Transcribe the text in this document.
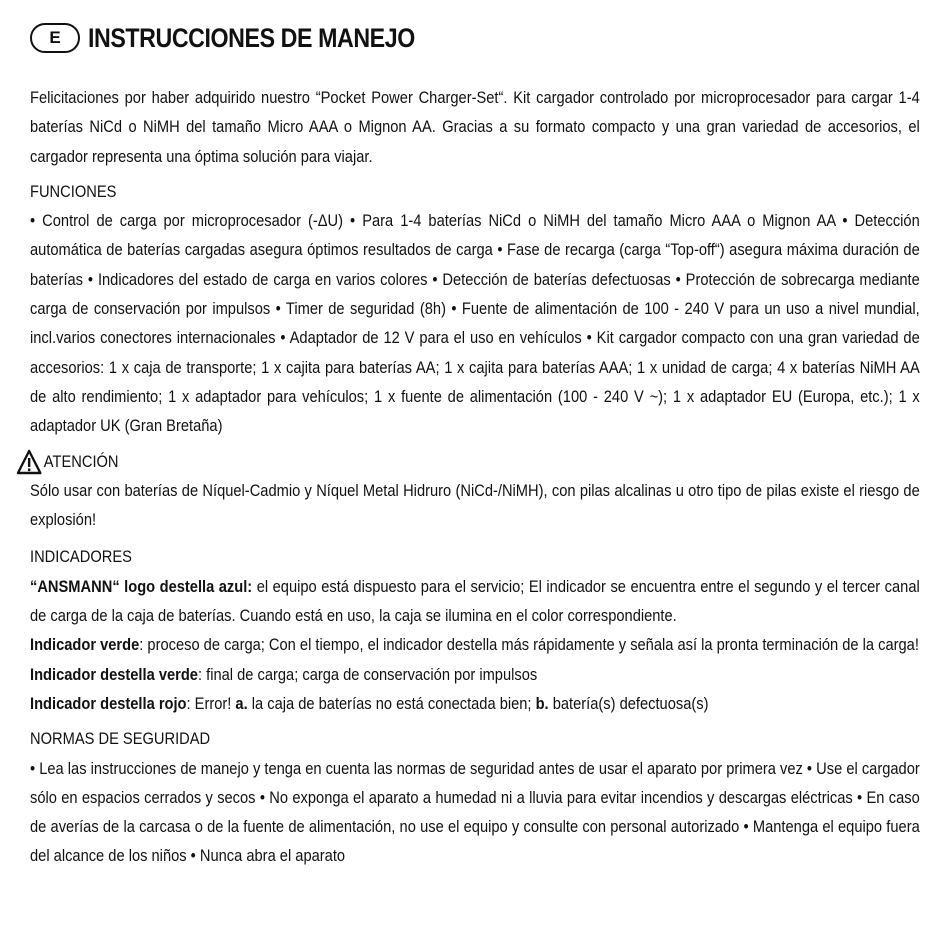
E	INSTRUCCIONES DE MANEJO

Felicitaciones por haber adquirido nuestro “Pocket Power Charger-Set“. Kit cargador controlado por microprocesador para cargar 1-4 baterías NiCd o NiMH del tamaño Micro AAA o Mignon AA. Gracias a su formato compacto y una gran variedad de accesorios, el cargador representa una óptima solución para viajar.

FUNCIONES

• Control de carga por microprocesador (-ΔU) • Para 1-4 baterías NiCd o NiMH del tamaño Micro AAA o Mignon AA • Detección automática de baterías cargadas asegura óptimos resultados de carga • Fase de recarga (carga “Top-off“) asegura máxima duración de baterías • Indicadores del estado de carga en varios colores • Detección de baterías defectuosas • Protección de sobrecarga mediante carga de conservación por impulsos • Timer de seguridad (8h) • Fuente de alimentación de 100 - 240 V para un uso a nivel mundial, incl.varios conectores internacionales • Adaptador de 12 V para el uso en vehículos • Kit cargador compacto con una gran variedad de accesorios: 1 x caja de transporte; 1 x cajita para baterías AA; 1 x cajita para baterías AAA; 1 x unidad de carga; 4 x baterías NiMH AA de alto rendimiento; 1 x adaptador para vehículos; 1 x fuente de alimentación (100 - 240 V ~); 1 x adaptador EU (Europa, etc.); 1 x adaptador UK (Gran Bretaña)

ATENCIÓN

Sólo usar con baterías de Níquel-Cadmio y Níquel Metal Hidruro (NiCd-/NiMH), con pilas alcalinas u otro tipo de pilas existe el riesgo de explosión!

INDICADORES

“ANSMANN“ logo destella azul: el equipo está dispuesto para el servicio; El indicador se encuentra entre el segundo y el tercer canal de carga de la caja de baterías. Cuando está en uso, la caja se ilumina en el color correspondiente.

Indicador verde: proceso de carga; Con el tiempo, el indicador destella más rápidamente y señala así la pronta terminación de la carga!

Indicador destella verde: final de carga; carga de conservación por impulsos

Indicador destella rojo: Error! a. la caja de baterías no está conectada bien; b. batería(s) defectuosa(s)

NORMAS DE SEGURIDAD

• Lea las instrucciones de manejo y tenga en cuenta las normas de seguridad antes de usar el aparato por primera vez • Use el cargador sólo en espacios cerrados y secos • No exponga el aparato a humedad ni a lluvia para evitar incendios y descargas eléctricas • En caso de averías de la carcasa o de la fuente de alimentación, no use el equipo y consulte con personal autorizado • Mantenga el equipo fuera del alcance de los niños • Nunca abra el aparato
